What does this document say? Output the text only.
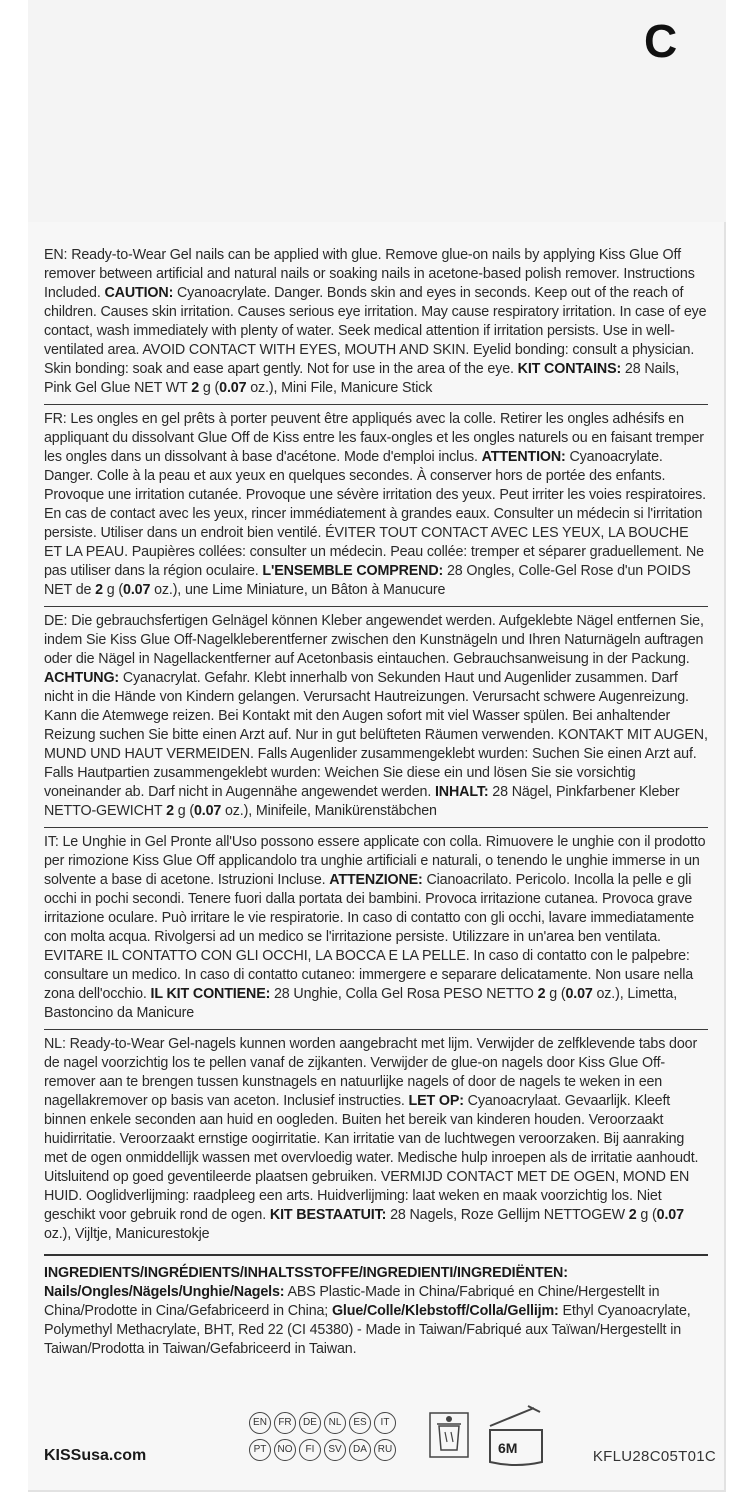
C
EN: Ready-to-Wear Gel nails can be applied with glue. Remove glue-on nails by applying Kiss Glue Off remover between artificial and natural nails or soaking nails in acetone-based polish remover. Instructions Included. CAUTION: Cyanoacrylate. Danger. Bonds skin and eyes in seconds. Keep out of the reach of children. Causes skin irritation. Causes serious eye irritation. May cause respiratory irritation. In case of eye contact, wash immediately with plenty of water. Seek medical attention if irritation persists. Use in well-ventilated area. AVOID CONTACT WITH EYES, MOUTH AND SKIN. Eyelid bonding: consult a physician. Skin bonding: soak and ease apart gently. Not for use in the area of the eye. KIT CONTAINS: 28 Nails, Pink Gel Glue NET WT 2 g (0.07 oz.), Mini File, Manicure Stick
FR: Les ongles en gel prêts à porter peuvent être appliqués avec la colle. Retirer les ongles adhésifs en appliquant du dissolvant Glue Off de Kiss entre les faux-ongles et les ongles naturels ou en faisant tremper les ongles dans un dissolvant à base d'acétone. Mode d'emploi inclus. ATTENTION: Cyanoacrylate. Danger. Colle à la peau et aux yeux en quelques secondes. À conserver hors de portée des enfants. Provoque une irritation cutanée. Provoque une sévère irritation des yeux. Peut irriter les voies respiratoires. En cas de contact avec les yeux, rincer immédiatement à grandes eaux. Consulter un médecin si l'irritation persiste. Utiliser dans un endroit bien ventilé. ÉVITER TOUT CONTACT AVEC LES YEUX, LA BOUCHE ET LA PEAU. Paupières collées: consulter un médecin. Peau collée: tremper et séparer graduellement. Ne pas utiliser dans la région oculaire. L'ENSEMBLE COMPREND: 28 Ongles, Colle-Gel Rose d'un POIDS NET de 2 g (0.07 oz.), une Lime Miniature, un Bâton à Manucure
DE: Die gebrauchsfertigen Gelnägel können Kleber angewendet werden. Aufgeklebte Nägel entfernen Sie, indem Sie Kiss Glue Off-Nagelkleberentferner zwischen den Kunstnägeln und Ihren Naturnägeln auftragen oder die Nägel in Nagellackentferner auf Acetonbasis eintauchen. Gebrauchsanweisung in der Packung. ACHTUNG: Cyanacrylat. Gefahr. Klebt innerhalb von Sekunden Haut und Augenlider zusammen. Darf nicht in die Hände von Kindern gelangen. Verursacht Hautreizungen. Verursacht schwere Augenreizung. Kann die Atemwege reizen. Bei Kontakt mit den Augen sofort mit viel Wasser spülen. Bei anhaltender Reizung suchen Sie bitte einen Arzt auf. Nur in gut belüfteten Räumen verwenden. KONTAKT MIT AUGEN, MUND UND HAUT VERMEIDEN. Falls Augenlider zusammengeklebt wurden: Suchen Sie einen Arzt auf. Falls Hautpartien zusammengeklebt wurden: Weichen Sie diese ein und lösen Sie sie vorsichtig voneinander ab. Darf nicht in Augennähe angewendet werden. INHALT: 28 Nägel, Pinkfarbener Kleber NETTO-GEWICHT 2 g (0.07 oz.), Minifeile, Manikürenstäbchen
IT: Le Unghie in Gel Pronte all'Uso possono essere applicate con colla. Rimuovere le unghie con il prodotto per rimozione Kiss Glue Off applicandolo tra unghie artificiali e naturali, o tenendo le unghie immerse in un solvente a base di acetone. Istruzioni Incluse. ATTENZIONE: Cianoacrilato. Pericolo. Incolla la pelle e gli occhi in pochi secondi. Tenere fuori dalla portata dei bambini. Provoca irritazione cutanea. Provoca grave irritazione oculare. Può irritare le vie respiratorie. In caso di contatto con gli occhi, lavare immediatamente con molta acqua. Rivolgersi ad un medico se l'irritazione persiste. Utilizzare in un'area ben ventilata. EVITARE IL CONTATTO CON GLI OCCHI, LA BOCCA E LA PELLE. In caso di contatto con le palpebre: consultare un medico. In caso di contatto cutaneo: immergere e separare delicatamente. Non usare nella zona dell'occhio. IL KIT CONTIENE: 28 Unghie, Colla Gel Rosa PESO NETTO 2 g (0.07 oz.), Limetta, Bastoncino da Manicure
NL: Ready-to-Wear Gel-nagels kunnen worden aangebracht met lijm. Verwijder de zelfklevende tabs door de nagel voorzichtig los te pellen vanaf de zijkanten. Verwijder de glue-on nagels door Kiss Glue Off-remover aan te brengen tussen kunstnagels en natuurlijke nagels of door de nagels te weken in een nagellakremover op basis van aceton. Inclusief instructies. LET OP: Cyanoacrylaat. Gevaarlijk. Kleeft binnen enkele seconden aan huid en oogleden. Buiten het bereik van kinderen houden. Veroorzaakt huidirritatie. Veroorzaakt ernstige oogirritatie. Kan irritatie van de luchtwegen veroorzaken. Bij aanraking met de ogen onmiddellijk wassen met overvloedig water. Medische hulp inroepen als de irritatie aanhoudt. Uitsluitend op goed geventileerde plaatsen gebruiken. VERMIJD CONTACT MET DE OGEN, MOND EN HUID. Ooglidverlijming: raadpleeg een arts. Huidverlijming: laat weken en maak voorzichtig los. Niet geschikt voor gebruik rond de ogen. KIT BESTAATUIT: 28 Nagels, Roze Gellijm NETTOGEW 2 g (0.07 oz.), Vijltje, Manicurestokje
INGREDIENTS/INGRÉDIENTS/INHALTSSTOFFE/INGREDIENTI/INGREDIËNTEN: Nails/Ongles/Nägels/Unghie/Nagels: ABS Plastic-Made in China/Fabriqué en Chine/Hergestellt in China/Prodotte in Cina/Gefabriceerd in China; Glue/Colle/Klebstoff/Colla/Gellijm: Ethyl Cyanoacrylate, Polymethyl Methacrylate, BHT, Red 22 (CI 45380) - Made in Taiwan/Fabriqué aux Taïwan/Hergestellt in Taiwan/Prodotta in Taiwan/Gefabriceerd in Taiwan.
EN	FR	DE	NL	ES	IT
PT	NO	FI	SV	DA	RU	6M
KISSusa.com	KFLU28C05T01C
